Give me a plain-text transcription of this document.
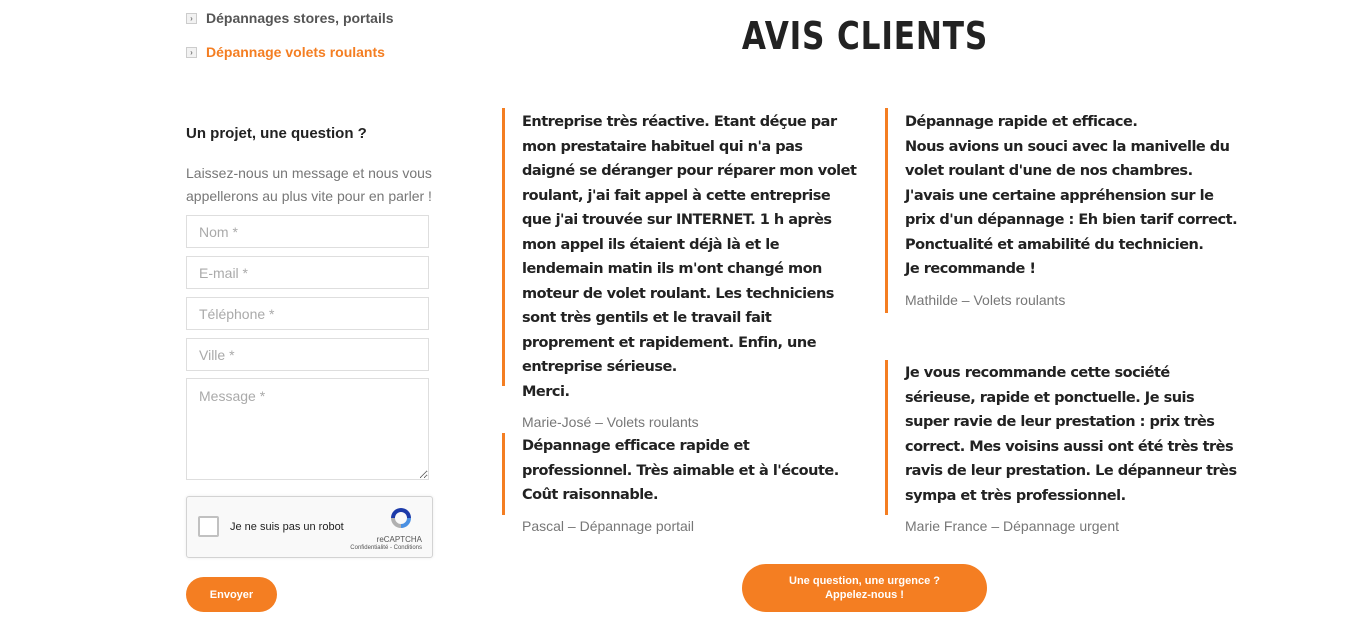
› Dépannages stores, portails
› Dépannage volets roulants
Un projet, une question ?

Laissez-nous un message et nous vous appellerons au plus vite pour en parler !

Nom *
E-mail *
Téléphone *
Ville *
Message *
Je ne suis pas un robot
reCAPTCHA
Confidentialité - Conditions
Envoyer
AVIS CLIENTS

Entreprise très réactive. Etant déçue par mon prestataire habituel qui n'a pas daigné se déranger pour réparer mon volet roulant, j'ai fait appel à cette entreprise que j'ai trouvée sur INTERNET. 1 h après mon appel ils étaient déjà là et le lendemain matin ils m'ont changé mon moteur de volet roulant. Les techniciens sont très gentils et le travail fait proprement et rapidement. Enfin, une entreprise sérieuse.
Merci.

Marie-José – Volets roulants

Dépannage efficace rapide et professionnel. Très aimable et à l'écoute. Coût raisonnable.

Pascal – Dépannage portail

Dépannage rapide et efficace.
Nous avions un souci avec la manivelle du volet roulant d'une de nos chambres.
J'avais une certaine appréhension sur le prix d'un dépannage : Eh bien tarif correct.
Ponctualité et amabilité du technicien.
Je recommande !

Mathilde – Volets roulants

Je vous recommande cette société sérieuse, rapide et ponctuelle. Je suis super ravie de leur prestation : prix très correct. Mes voisins aussi ont été très très ravis de leur prestation. Le dépanneur très sympa et très professionnel.

Marie France – Dépannage urgent

Une question, une urgence ?
Appelez-nous !
